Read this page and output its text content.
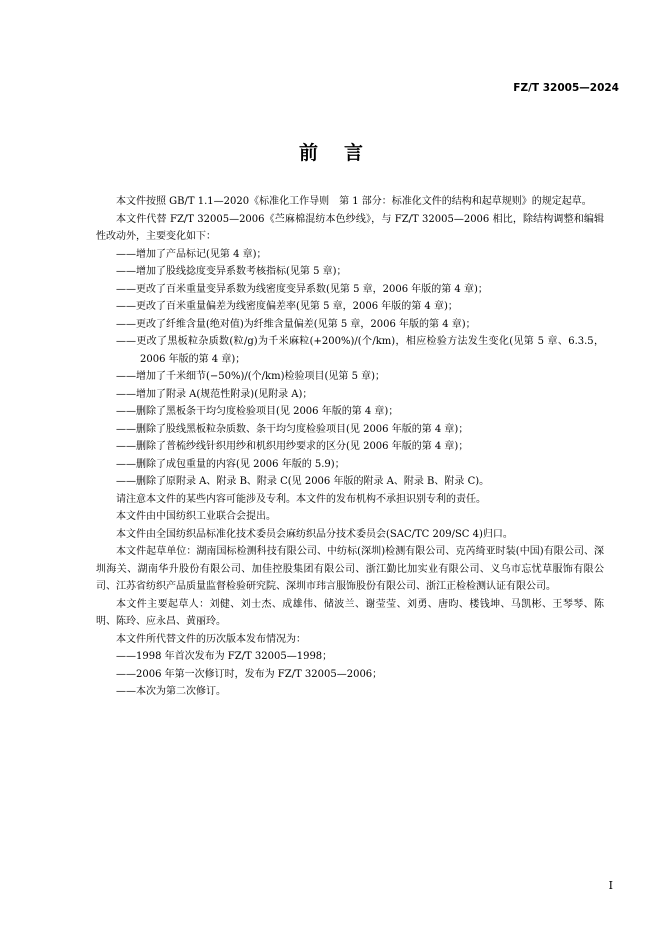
FZ/T 32005—2024
前言

本文件按照 GB/T 1.1—2020《标准化工作导则　第 1 部分：标准化文件的结构和起草规则》的规定起草。

本文件代替 FZ/T 32005—2006《苎麻棉混纺本色纱线》，与 FZ/T 32005—2006 相比，除结构调整和编辑性改动外，主要变化如下：

——增加了产品标记(见第 4 章)；

——增加了股线捻度变异系数考核指标(见第 5 章)；

——更改了百米重量变异系数为线密度变异系数(见第 5 章，2006 年版的第 4 章)；

——更改了百米重量偏差为线密度偏差率(见第 5 章，2006 年版的第 4 章)；

——更改了纤维含量(绝对值)为纤维含量偏差(见第 5 章，2006 年版的第 4 章)；

——更改了黑板粒杂质数(粒/g)为千米麻粒(+200%)/(个/km)，相应检验方法发生变化(见第 5 章、6.3.5，2006 年版的第 4 章)；

——增加了千米细节(−50%)/(个/km)检验项目(见第 5 章)；

——增加了附录 A(规范性附录)(见附录 A)；

——删除了黑板条干均匀度检验项目(见 2006 年版的第 4 章)；

——删除了股线黑板粒杂质数、条干均匀度检验项目(见 2006 年版的第 4 章)；

——删除了普梳纱线针织用纱和机织用纱要求的区分(见 2006 年版的第 4 章)；

——删除了成包重量的内容(见 2006 年版的 5.9)；

——删除了原附录 A、附录 B、附录 C(见 2006 年版的附录 A、附录 B、附录 C)。

请注意本文件的某些内容可能涉及专利。本文件的发布机构不承担识别专利的责任。

本文件由中国纺织工业联合会提出。

本文件由全国纺织品标准化技术委员会麻纺织品分技术委员会(SAC/TC 209/SC 4)归口。

本文件起草单位：湖南国标检测科技有限公司、中纺标(深圳)检测有限公司、克芮绮亚时装(中国)有限公司、深圳海关、湖南华升股份有限公司、加佳控股集团有限公司、浙江勤比加实业有限公司、义乌市忘忧草服饰有限公司、江苏省纺织产品质量监督检验研究院、深圳市玮言服饰股份有限公司、浙江正检检测认证有限公司。

本文件主要起草人：刘健、刘士杰、成雄伟、储波兰、谢莹莹、刘勇、唐昀、楼钱坤、马凯彬、王琴琴、陈明、陈玲、应永昌、黄丽玲。

本文件所代替文件的历次版本发布情况为：

——1998 年首次发布为 FZ/T 32005—1998；

——2006 年第一次修订时，发布为 FZ/T 32005—2006；

——本次为第二次修订。

I
